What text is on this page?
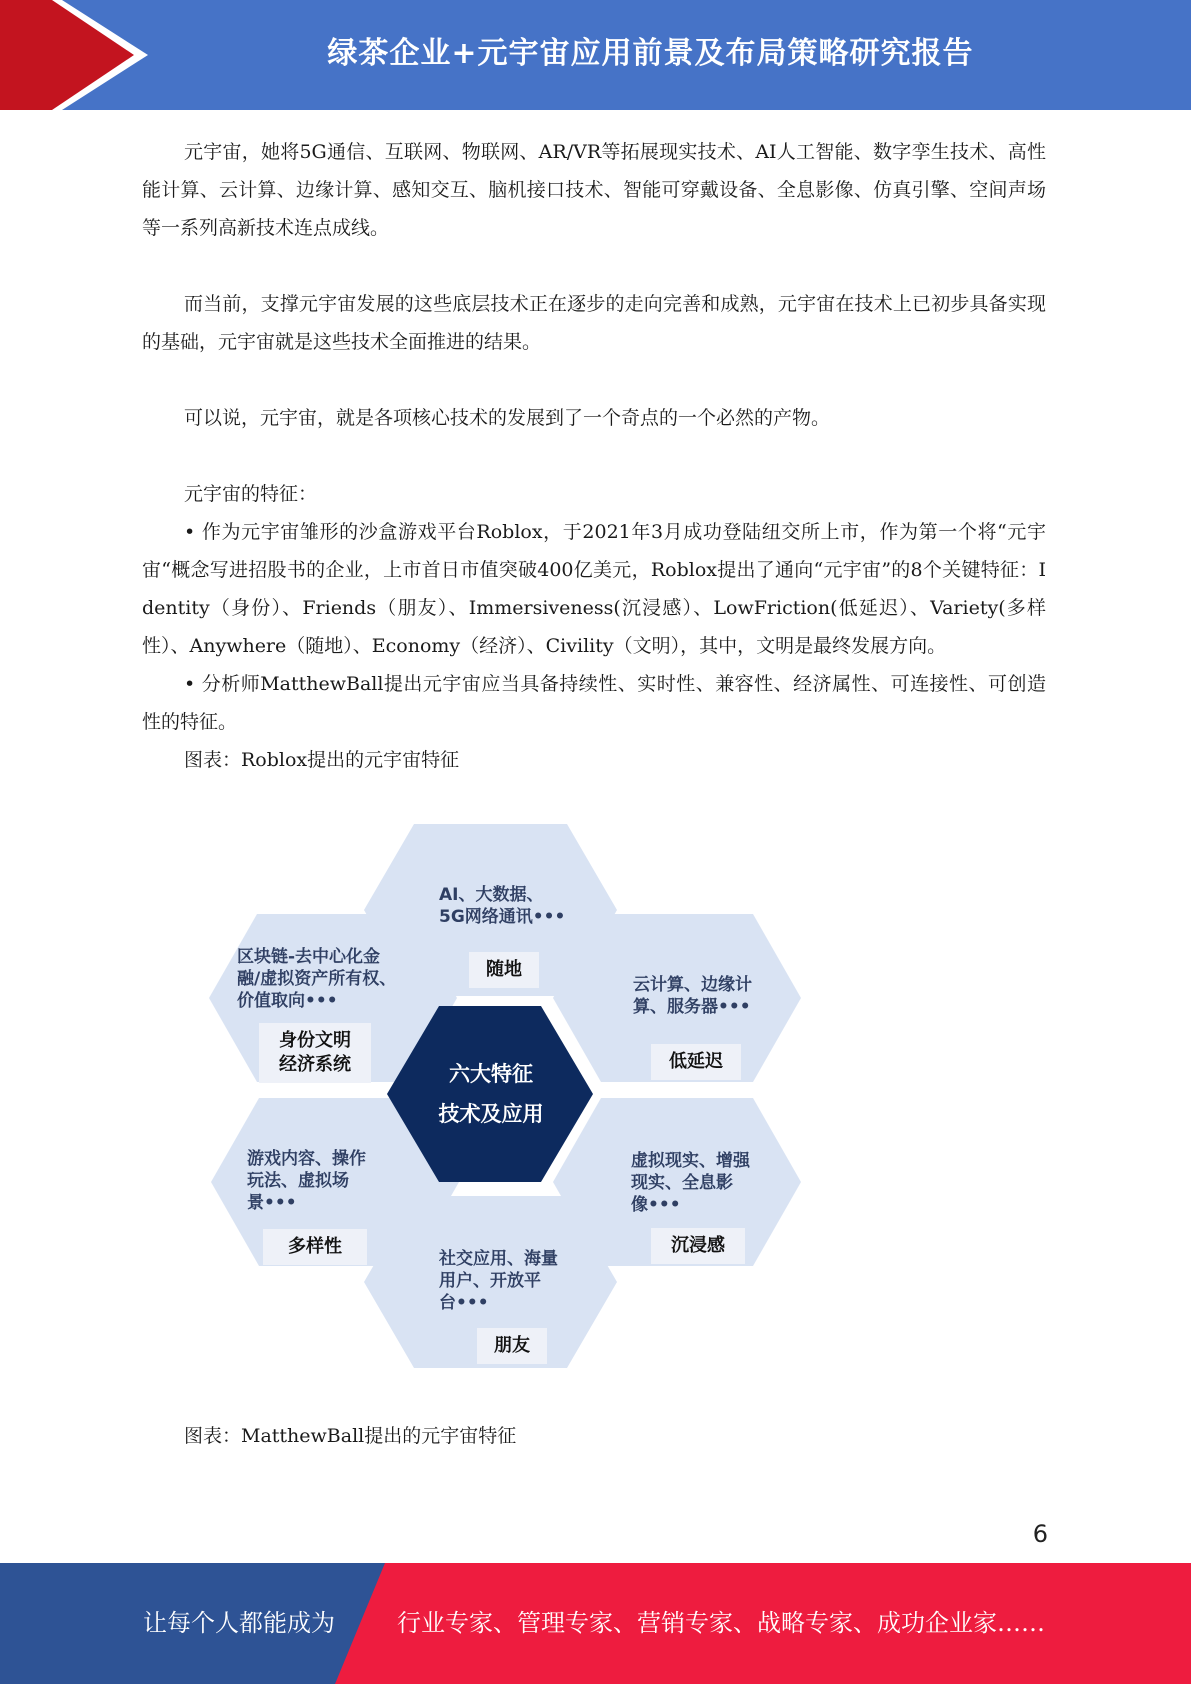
绿茶企业+元宇宙应用前景及布局策略研究报告

元宇宙，她将5G通信、互联网、物联网、AR/VR等拓展现实技术、AI人工智能、数字孪生技术、高性能计算、云计算、边缘计算、感知交互、脑机接口技术、智能可穿戴设备、全息影像、仿真引擎、空间声场等一系列高新技术连点成线。

而当前，支撑元宇宙发展的这些底层技术正在逐步的走向完善和成熟，元宇宙在技术上已初步具备实现的基础，元宇宙就是这些技术全面推进的结果。

可以说，元宇宙，就是各项核心技术的发展到了一个奇点的一个必然的产物。

元宇宙的特征：

• 作为元宇宙雏形的沙盒游戏平台Roblox，于2021年3月成功登陆纽交所上市，作为第一个将“元宇宙“概念写进招股书的企业，上市首日市值突破400亿美元，Roblox提出了通向“元宇宙”的8个关键特征：Identity（身份）、Friends（朋友）、Immersiveness(沉浸感）、LowFriction(低延迟）、Variety(多样性）、Anywhere（随地）、Economy（经济）、Civility（文明），其中，文明是最终发展方向。

• 分析师MatthewBall提出元宇宙应当具备持续性、实时性、兼容性、经济属性、可连接性、可创造性的特征。

图表：Roblox提出的元宇宙特征

AI、大数据、
5G网络通讯•••
随地
区块链-去中心化金
融/虚拟资产所有权、
价值取向•••
身份文明
经济系统
云计算、边缘计
算、服务器•••
低延迟
游戏内容、操作
玩法、虚拟场
景•••
多样性
虚拟现实、增强
现实、全息影
像•••
沉浸感
社交应用、海量
用户、开放平
台•••
朋友
六大特征
技术及应用

图表：MatthewBall提出的元宇宙特征

6
让每个人都能成为	行业专家、管理专家、营销专家、战略专家、成功企业家……
